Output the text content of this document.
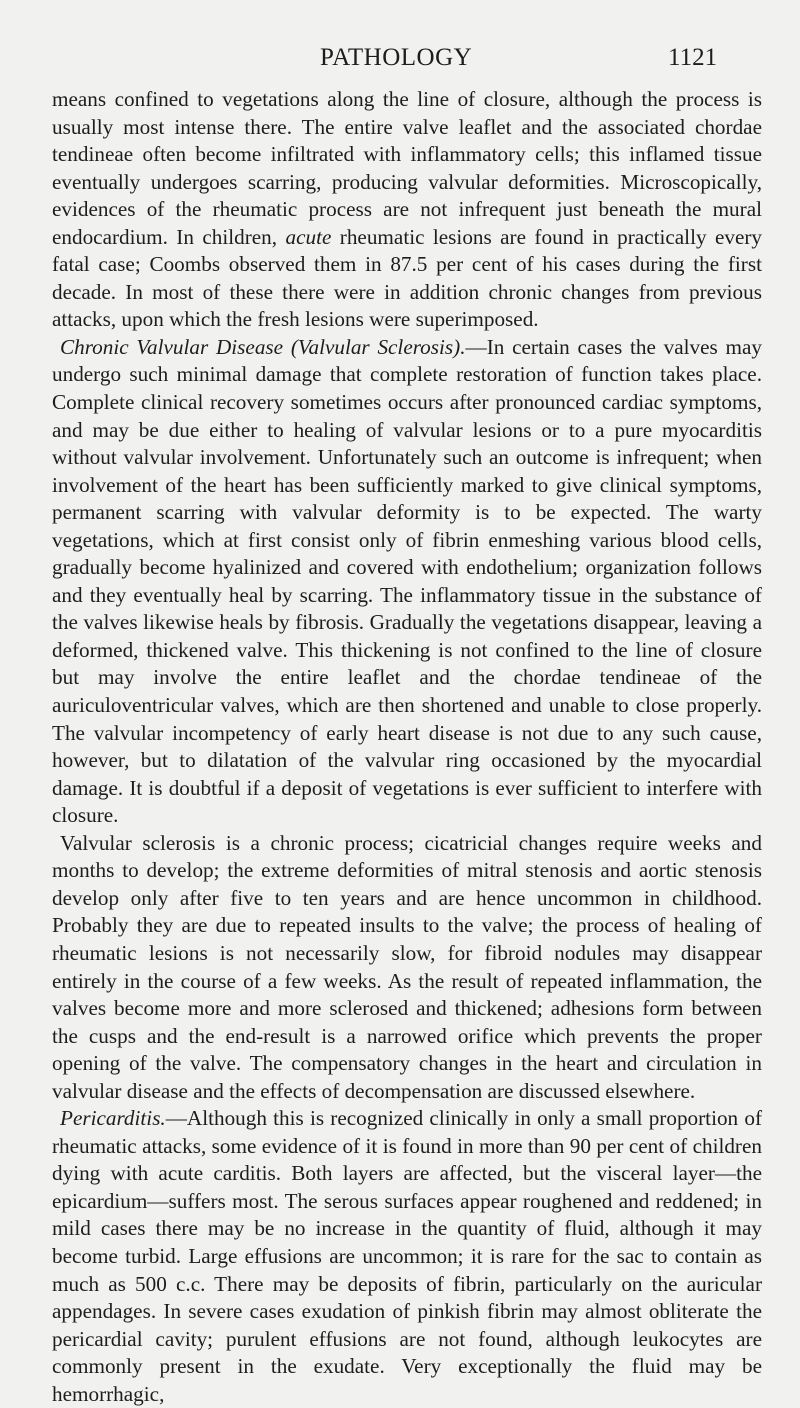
PATHOLOGY	1121

means confined to vegetations along the line of closure, although the process is usually most intense there. The entire valve leaflet and the associated chordae tendineae often become infiltrated with inflammatory cells; this inflamed tissue eventually undergoes scarring, producing valvular deformities. Microscopically, evidences of the rheumatic process are not infrequent just beneath the mural endocardium. In children, acute rheumatic lesions are found in practically every fatal case; Coombs observed them in 87.5 per cent of his cases during the first decade. In most of these there were in addition chronic changes from previous attacks, upon which the fresh lesions were superimposed.

Chronic Valvular Disease (Valvular Sclerosis).—In certain cases the valves may undergo such minimal damage that complete restoration of function takes place. Complete clinical recovery sometimes occurs after pronounced cardiac symptoms, and may be due either to healing of valvular lesions or to a pure myocarditis without valvular involvement. Unfortunately such an outcome is infrequent; when involvement of the heart has been sufficiently marked to give clinical symptoms, permanent scarring with valvular deformity is to be expected. The warty vegetations, which at first consist only of fibrin enmeshing various blood cells, gradually become hyalinized and covered with endothelium; organization follows and they eventually heal by scarring. The inflammatory tissue in the substance of the valves likewise heals by fibrosis. Gradually the vegetations disappear, leaving a deformed, thickened valve. This thickening is not confined to the line of closure but may involve the entire leaflet and the chordae tendineae of the auriculoventricular valves, which are then shortened and unable to close properly. The valvular incompetency of early heart disease is not due to any such cause, however, but to dilatation of the valvular ring occasioned by the myocardial damage. It is doubtful if a deposit of vegetations is ever sufficient to interfere with closure.

Valvular sclerosis is a chronic process; cicatricial changes require weeks and months to develop; the extreme deformities of mitral stenosis and aortic stenosis develop only after five to ten years and are hence uncommon in childhood. Probably they are due to repeated insults to the valve; the process of healing of rheumatic lesions is not necessarily slow, for fibroid nodules may disappear entirely in the course of a few weeks. As the result of repeated inflammation, the valves become more and more sclerosed and thickened; adhesions form between the cusps and the end-result is a narrowed orifice which prevents the proper opening of the valve. The compensatory changes in the heart and circulation in valvular disease and the effects of decompensation are discussed elsewhere.

Pericarditis.—Although this is recognized clinically in only a small proportion of rheumatic attacks, some evidence of it is found in more than 90 per cent of children dying with acute carditis. Both layers are affected, but the visceral layer—the epicardium—suffers most. The serous surfaces appear roughened and reddened; in mild cases there may be no increase in the quantity of fluid, although it may become turbid. Large effusions are uncommon; it is rare for the sac to contain as much as 500 c.c. There may be deposits of fibrin, particularly on the auricular appendages. In severe cases exudation of pinkish fibrin may almost obliterate the pericardial cavity; purulent effusions are not found, although leukocytes are commonly present in the exudate. Very exceptionally the fluid may be hemorrhagic,
